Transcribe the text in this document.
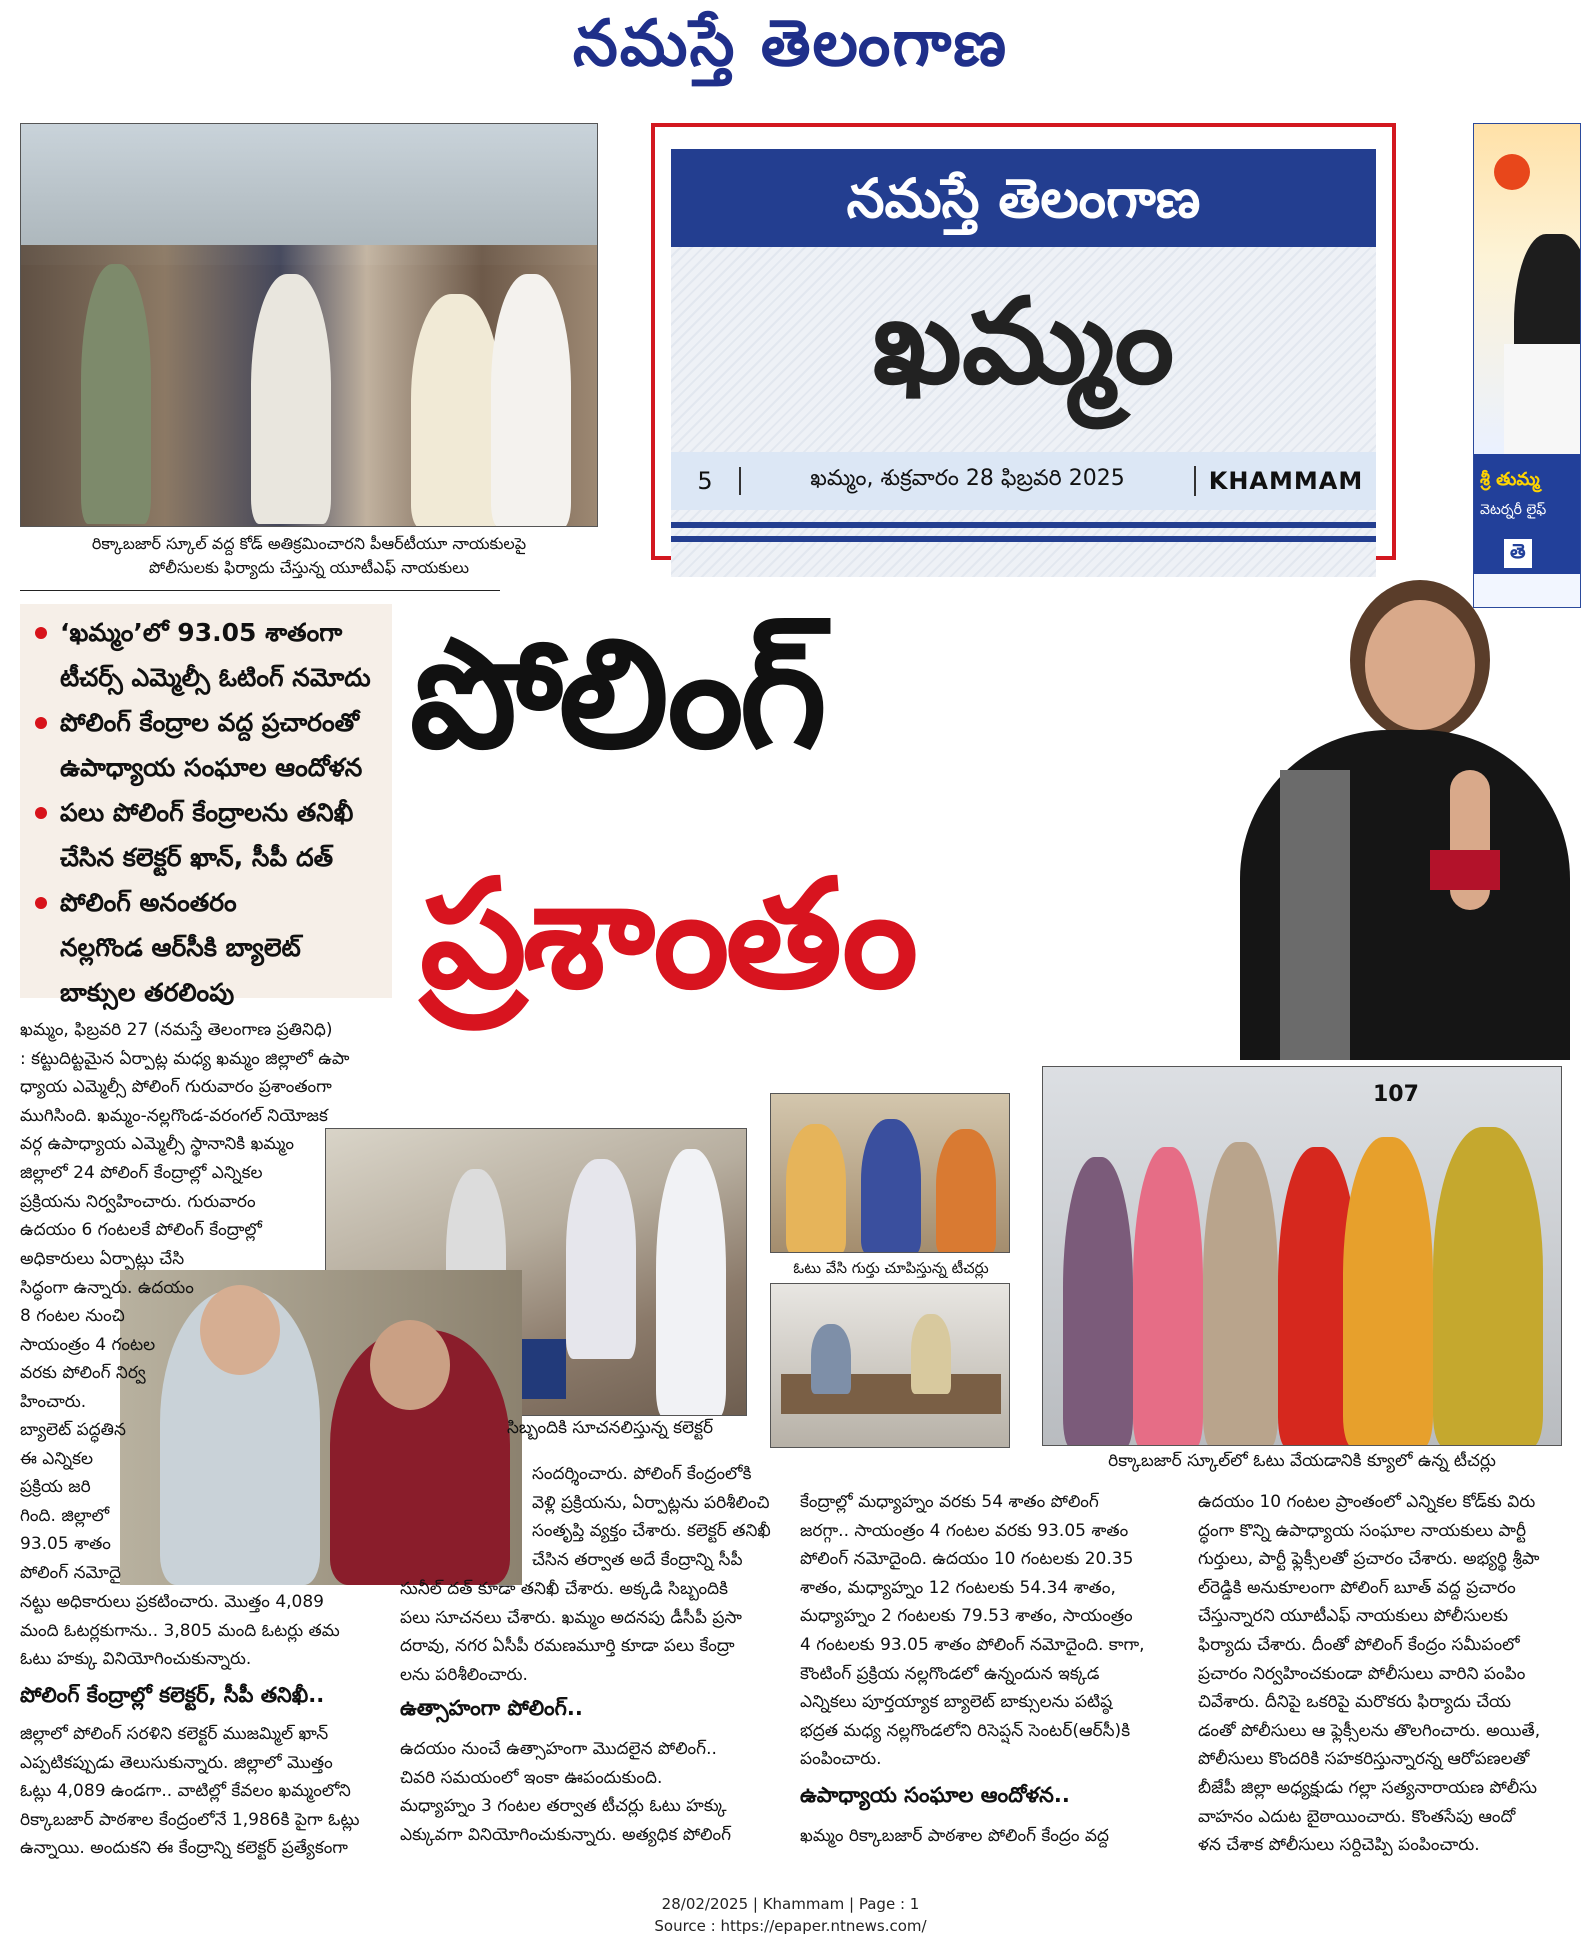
నమస్తే తెలంగాణ
రిక్కాబజార్ స్కూల్ వద్ద కోడ్ అతిక్రమించారని పీఆర్‌టీయూ నాయకులపై
పోలీసులకు ఫిర్యాదు చేస్తున్న యూటీఎఫ్ నాయకులు
నమస్తే తెలంగాణ
ఖమ్మం
5	ఖమ్మం, శుక్రవారం 28 ఫిబ్రవరి 2025	KHAMMAM	శ్రీ తుమ్మ
వెటర్నరీ లైఫ్
తె
‘ఖమ్మం’లో 93.05 శాతంగా
టీచర్స్ ఎమ్మెల్సీ ఓటింగ్ నమోదు
పోలింగ్ కేంద్రాల వద్ద ప్రచారంతో
ఉపాధ్యాయ సంఘాల ఆందోళన
పలు పోలింగ్ కేంద్రాలను తనిఖీ
చేసిన కలెక్టర్ ఖాన్, సీపీ దత్
పోలింగ్ అనంతరం
నల్లగొండ ఆర్‌సీకి బ్యాలెట్
బాక్సుల తరలింపు
పోలింగ్
ప్రశాంతం
సిబ్బందికి సూచనలిస్తున్న కలెక్టర్
ఓటు వేసి గుర్తు చూపిస్తున్న టీచర్లు
107
రిక్కాబజార్ స్కూల్‌లో ఓటు వేయడానికి క్యూలో ఉన్న టీచర్లు
ఖమ్మం, ఫిబ్రవరి 27 (నమస్తే తెలంగాణ ప్రతినిధి)
: కట్టుదిట్టమైన ఏర్పాట్ల మధ్య ఖమ్మం జిల్లాలో ఉపా
ధ్యాయ ఎమ్మెల్సీ పోలింగ్ గురువారం ప్రశాంతంగా
ముగిసింది. ఖమ్మం-నల్లగొండ-వరంగల్ నియోజక
వర్గ ఉపాధ్యాయ ఎమ్మెల్సీ స్థానానికి ఖమ్మం
జిల్లాలో 24 పోలింగ్ కేంద్రాల్లో ఎన్నికల
ప్రక్రియను నిర్వహించారు. గురువారం
ఉదయం 6 గంటలకే పోలింగ్ కేంద్రాల్లో
అధికారులు ఏర్పాట్లు చేసి
సిద్ధంగా ఉన్నారు. ఉదయం
8 గంటల నుంచి
సాయంత్రం 4 గంటల
వరకు పోలింగ్ నిర్వ
హించారు.
బ్యాలెట్ పద్ధతిన
ఈ ఎన్నికల
ప్రక్రియ జరి
గింది. జిల్లాలో
93.05 శాతం
పోలింగ్ నమోదై
నట్టు అధికారులు ప్రకటించారు. మొత్తం 4,089
మంది ఓటర్లకుగాను.. 3,805 మంది ఓటర్లు తమ
ఓటు హక్కు వినియోగించుకున్నారు.
పోలింగ్ కేంద్రాల్లో కలెక్టర్, సీపీ తనిఖీ..
జిల్లాలో పోలింగ్ సరళిని కలెక్టర్ ముజమ్మిల్ ఖాన్
ఎప్పటికప్పుడు తెలుసుకున్నారు. జిల్లాలో మొత్తం
ఓట్లు 4,089 ఉండగా.. వాటిల్లో కేవలం ఖమ్మంలోని
రిక్కాబజార్ పాఠశాల కేంద్రంలోనే 1,986కి పైగా ఓట్లు
ఉన్నాయి. అందుకని ఈ కేంద్రాన్ని కలెక్టర్ ప్రత్యేకంగా
సందర్శించారు. పోలింగ్ కేంద్రంలోకి
వెళ్లి ప్రక్రియను, ఏర్పాట్లను పరిశీలించి
సంతృప్తి వ్యక్తం చేశారు. కలెక్టర్ తనిఖీ
చేసిన తర్వాత అదే కేంద్రాన్ని సీపీ
సునీల్ దత్ కూడా తనిఖీ చేశారు. అక్కడి సిబ్బందికి
పలు సూచనలు చేశారు. ఖమ్మం అదనపు డీసీపీ ప్రసా
దరావు, నగర ఏసీపీ రమణమూర్తి కూడా పలు కేంద్రా
లను పరిశీలించారు.
ఉత్సాహంగా పోలింగ్..
ఉదయం నుంచే ఉత్సాహంగా మొదలైన పోలింగ్..
చివరి సమయంలో ఇంకా ఊపందుకుంది.
మధ్యాహ్నం 3 గంటల తర్వాత టీచర్లు ఓటు హక్కు
ఎక్కువగా వినియోగించుకున్నారు. అత్యధిక పోలింగ్
కేంద్రాల్లో మధ్యాహ్నం వరకు 54 శాతం పోలింగ్
జరగ్గా.. సాయంత్రం 4 గంటల వరకు 93.05 శాతం
పోలింగ్ నమోదైంది. ఉదయం 10 గంటలకు 20.35
శాతం, మధ్యాహ్నం 12 గంటలకు 54.34 శాతం,
మధ్యాహ్నం 2 గంటలకు 79.53 శాతం, సాయంత్రం
4 గంటలకు 93.05 శాతం పోలింగ్ నమోదైంది. కాగా,
కౌంటింగ్ ప్రక్రియ నల్లగొండలో ఉన్నందున ఇక్కడ
ఎన్నికలు పూర్తయ్యాక బ్యాలెట్ బాక్సులను పటిష్ఠ
భద్రత మధ్య నల్లగొండలోని రిసెప్షన్ సెంటర్(ఆర్‌సీ)కి
పంపించారు.
ఉపాధ్యాయ సంఘాల ఆందోళన..
ఖమ్మం రిక్కాబజార్ పాఠశాల పోలింగ్ కేంద్రం వద్ద
ఉదయం 10 గంటల ప్రాంతంలో ఎన్నికల కోడ్‌కు విరు
ద్ధంగా కొన్ని ఉపాధ్యాయ సంఘాల నాయకులు పార్టీ
గుర్తులు, పార్టీ ఫ్లెక్సీలతో ప్రచారం చేశారు. అభ్యర్థి శ్రీపా
ల్‌రెడ్డికి అనుకూలంగా పోలింగ్ బూత్ వద్ద ప్రచారం
చేస్తున్నారని యూటీఎఫ్ నాయకులు పోలీసులకు
ఫిర్యాదు చేశారు. దీంతో పోలింగ్ కేంద్రం సమీపంలో
ప్రచారం నిర్వహించకుండా పోలీసులు వారిని పంపిం
చివేశారు. దీనిపై ఒకరిపై మరొకరు ఫిర్యాదు చేయ
డంతో పోలీసులు ఆ ఫ్లెక్సీలను తొలగించారు. అయితే,
పోలీసులు కొందరికి సహకరిస్తున్నారన్న ఆరోపణలతో
బీజేపీ జిల్లా అధ్యక్షుడు గల్లా సత్యనారాయణ పోలీసు
వాహనం ఎదుట బైఠాయించారు. కొంతసేపు ఆందో
ళన చేశాక పోలీసులు సర్దిచెప్పి పంపించారు.
28/02/2025 | Khammam | Page : 1
Source : https://epaper.ntnews.com/
